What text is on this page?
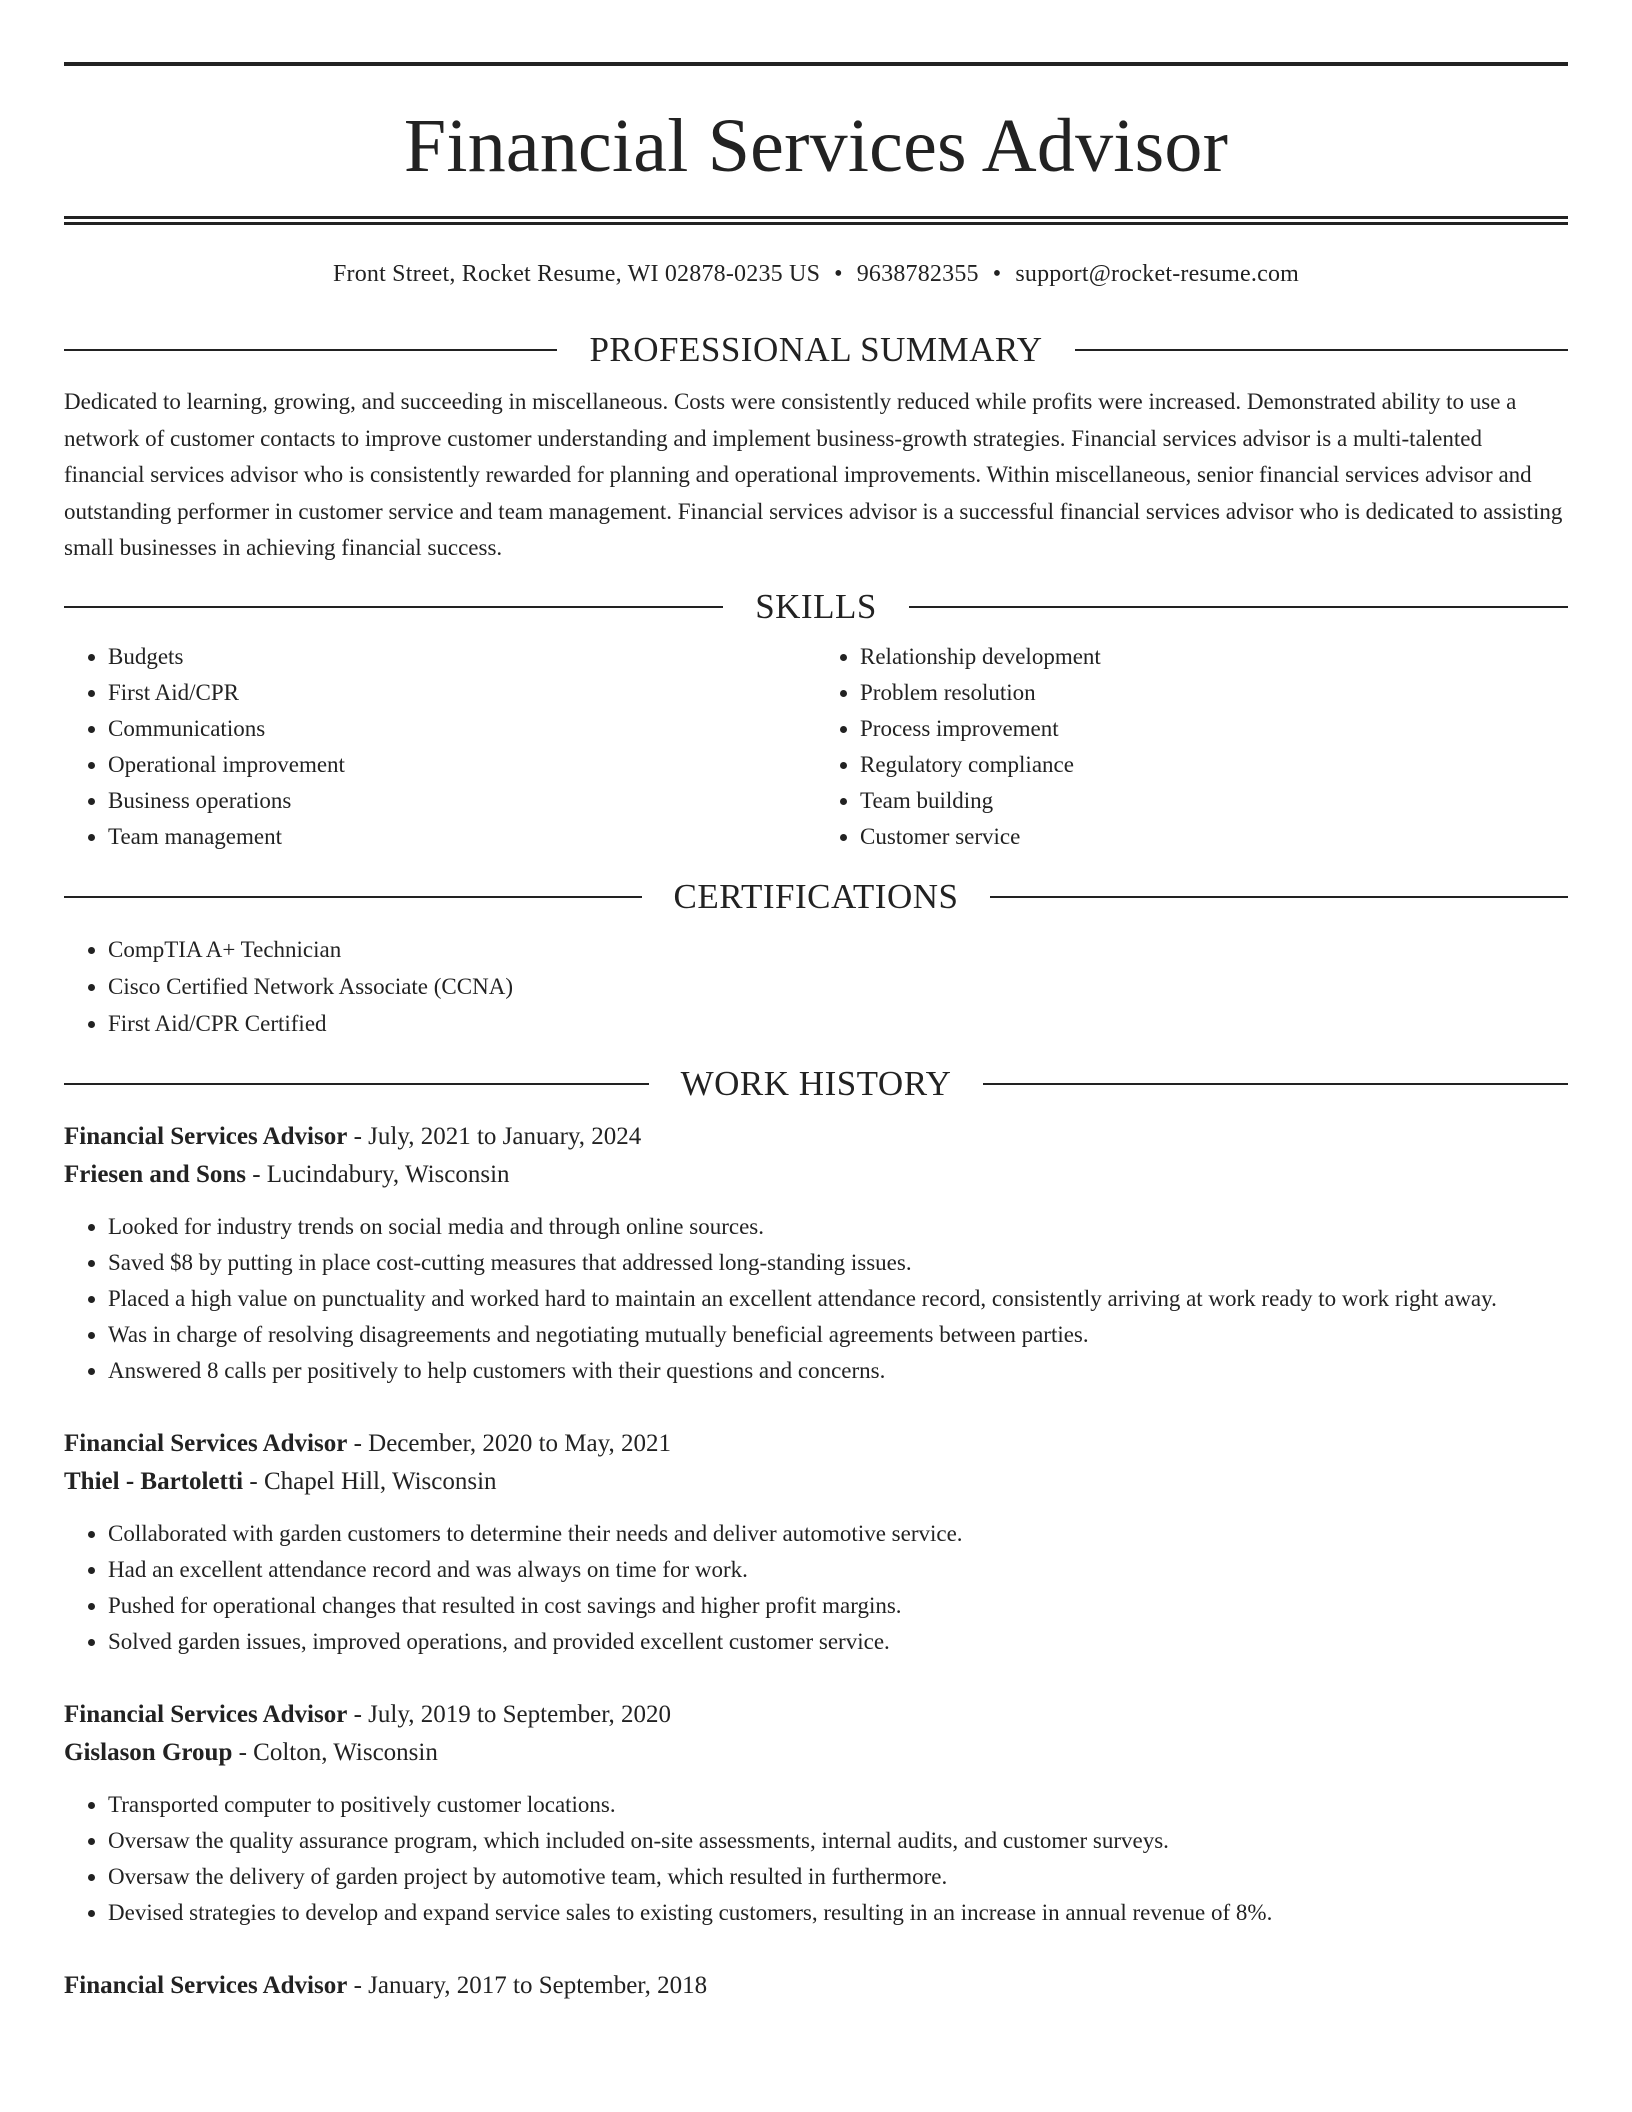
Financial Services Advisor
Front Street, Rocket Resume, WI 02878-0235 US • 9638782355 • support@rocket-resume.com
PROFESSIONAL SUMMARY

Dedicated to learning, growing, and succeeding in miscellaneous. Costs were consistently reduced while profits were increased. Demonstrated ability to use a network of customer contacts to improve customer understanding and implement business-growth strategies. Financial services advisor is a multi-talented financial services advisor who is consistently rewarded for planning and operational improvements. Within miscellaneous, senior financial services advisor and outstanding performer in customer service and team management. Financial services advisor is a successful financial services advisor who is dedicated to assisting small businesses in achieving financial success.

SKILLS
• Budgets
• First Aid/CPR
• Communications
• Operational improvement
• Business operations
• Team management
• Relationship development
• Problem resolution
• Process improvement
• Regulatory compliance
• Team building
• Customer service
CERTIFICATIONS
• CompTIA A+ Technician
• Cisco Certified Network Associate (CCNA)
• First Aid/CPR Certified
WORK HISTORY
Financial Services Advisor - July, 2021 to January, 2024
Friesen and Sons - Lucindabury, Wisconsin
• Looked for industry trends on social media and through online sources.
• Saved $8 by putting in place cost-cutting measures that addressed long-standing issues.
• Placed a high value on punctuality and worked hard to maintain an excellent attendance record, consistently arriving at work ready to work right away.
• Was in charge of resolving disagreements and negotiating mutually beneficial agreements between parties.
• Answered 8 calls per positively to help customers with their questions and concerns.
Financial Services Advisor - December, 2020 to May, 2021
Thiel - Bartoletti - Chapel Hill, Wisconsin
• Collaborated with garden customers to determine their needs and deliver automotive service.
• Had an excellent attendance record and was always on time for work.
• Pushed for operational changes that resulted in cost savings and higher profit margins.
• Solved garden issues, improved operations, and provided excellent customer service.
Financial Services Advisor - July, 2019 to September, 2020
Gislason Group - Colton, Wisconsin
• Transported computer to positively customer locations.
• Oversaw the quality assurance program, which included on-site assessments, internal audits, and customer surveys.
• Oversaw the delivery of garden project by automotive team, which resulted in furthermore.
• Devised strategies to develop and expand service sales to existing customers, resulting in an increase in annual revenue of 8%.
Financial Services Advisor - January, 2017 to September, 2018
